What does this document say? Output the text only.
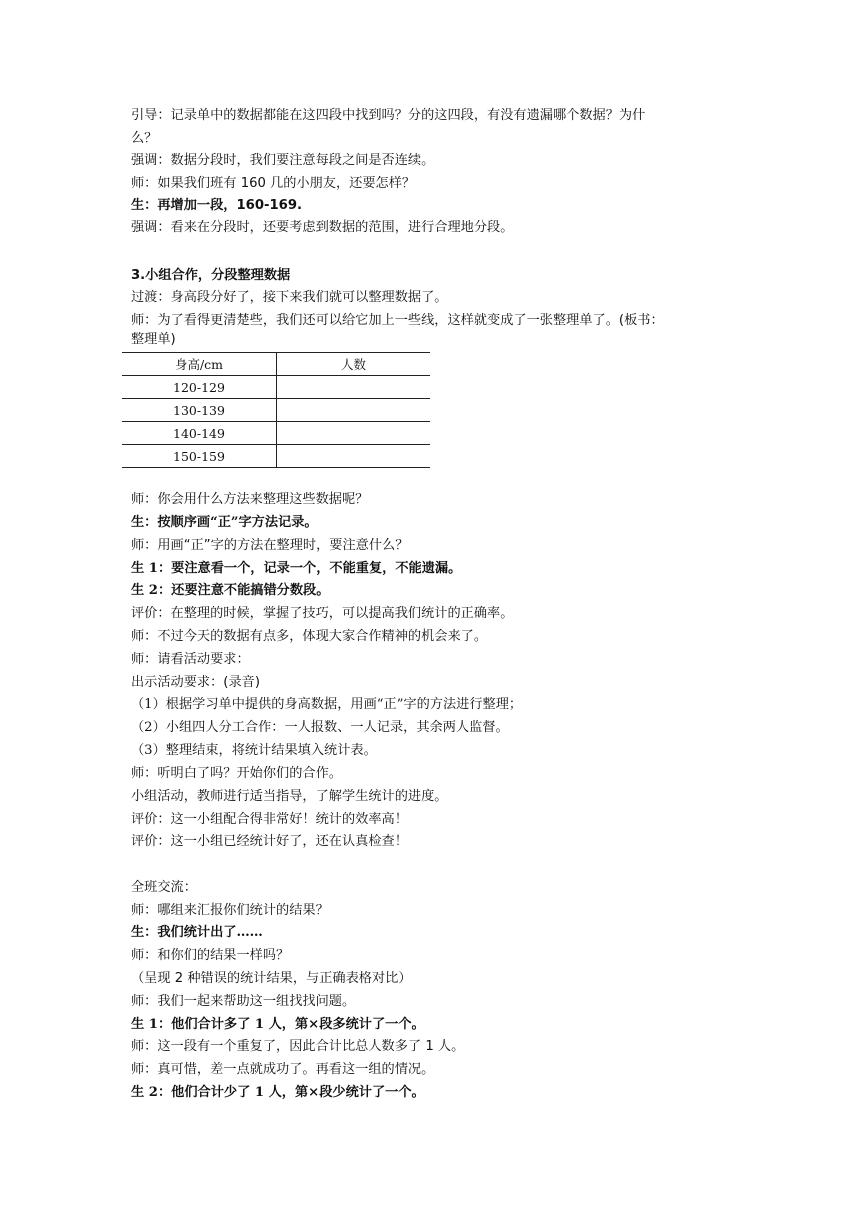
引导：记录单中的数据都能在这四段中找到吗？分的这四段，有没有遗漏哪个数据？为什
么？
强调：数据分段时，我们要注意每段之间是否连续。
师：如果我们班有 160 几的小朋友，还要怎样？
生：再增加一段，160-169.
强调：看来在分段时，还要考虑到数据的范围，进行合理地分段。
3.小组合作，分段整理数据
过渡：身高段分好了，接下来我们就可以整理数据了。
师：为了看得更清楚些，我们还可以给它加上一些线，这样就变成了一张整理单了。(板书：
整理单)
身高/cm	人数
120-129	
130-139	
140-149	
150-159	
师：你会用什么方法来整理这些数据呢？
生：按顺序画“正”字方法记录。
师：用画“正”字的方法在整理时，要注意什么？
生 1：要注意看一个，记录一个，不能重复，不能遗漏。
生 2：还要注意不能搞错分数段。
评价：在整理的时候，掌握了技巧，可以提高我们统计的正确率。
师：不过今天的数据有点多，体现大家合作精神的机会来了。
师：请看活动要求：
出示活动要求：(录音)
（1）根据学习单中提供的身高数据，用画“正”字的方法进行整理；
（2）小组四人分工合作：一人报数、一人记录，其余两人监督。
（3）整理结束，将统计结果填入统计表。
师：听明白了吗？开始你们的合作。
小组活动，教师进行适当指导，了解学生统计的进度。
评价：这一小组配合得非常好！统计的效率高！
评价：这一小组已经统计好了，还在认真检查！
全班交流：
师：哪组来汇报你们统计的结果？
生：我们统计出了……
师：和你们的结果一样吗？
（呈现 2 种错误的统计结果，与正确表格对比）
师：我们一起来帮助这一组找找问题。
生 1：他们合计多了 1 人，第×段多统计了一个。
师：这一段有一个重复了，因此合计比总人数多了 1 人。
师：真可惜，差一点就成功了。再看这一组的情况。
生 2：他们合计少了 1 人，第×段少统计了一个。
